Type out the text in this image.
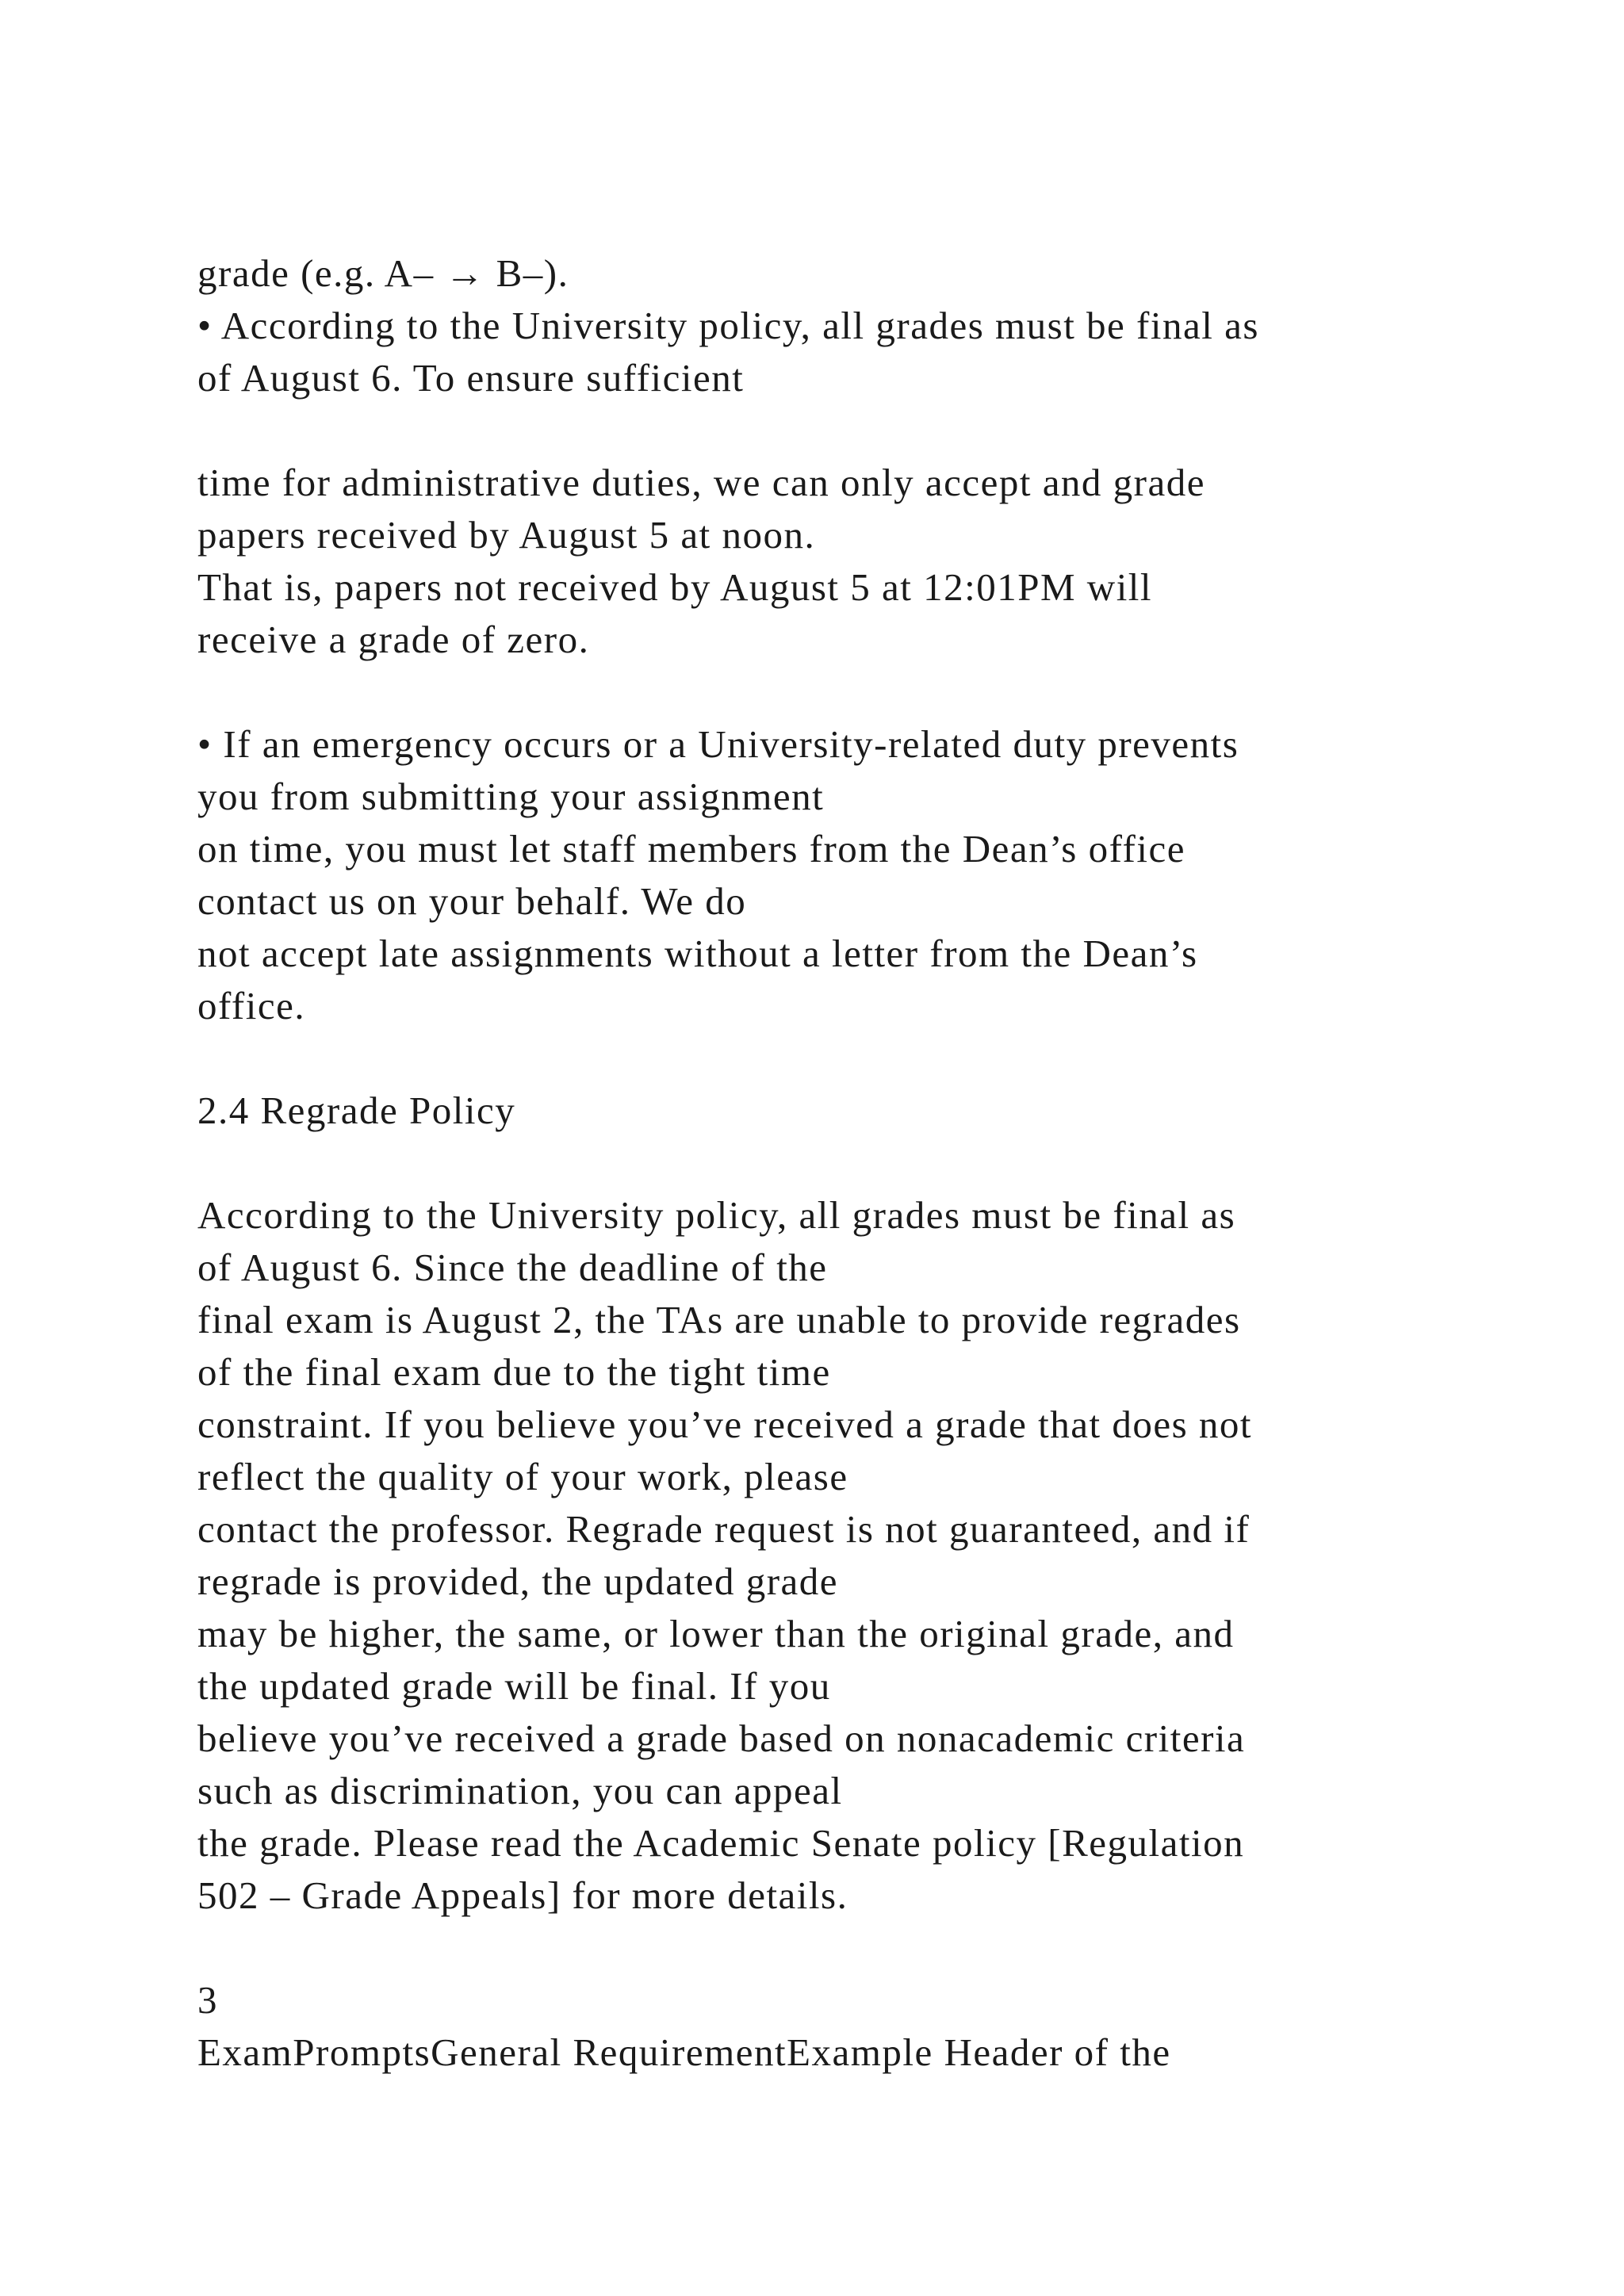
grade (e.g. A– → B–).
• According to the University policy, all grades must be final as
of August 6. To ensure sufficient
time for administrative duties, we can only accept and grade
papers received by August 5 at noon.
That is, papers not received by August 5 at 12:01PM will
receive a grade of zero.
• If an emergency occurs or a University-related duty prevents
you from submitting your assignment
on time, you must let staff members from the Dean’s office
contact us on your behalf. We do
not accept late assignments without a letter from the Dean’s
office.
2.4 Regrade Policy
According to the University policy, all grades must be final as
of August 6. Since the deadline of the
final exam is August 2, the TAs are unable to provide regrades
of the final exam due to the tight time
constraint. If you believe you’ve received a grade that does not
reflect the quality of your work, please
contact the professor. Regrade request is not guaranteed, and if
regrade is provided, the updated grade
may be higher, the same, or lower than the original grade, and
the updated grade will be final. If you
believe you’ve received a grade based on nonacademic criteria
such as discrimination, you can appeal
the grade. Please read the Academic Senate policy [Regulation
502 – Grade Appeals] for more details.
3
ExamPromptsGeneral RequirementExample Header of the
